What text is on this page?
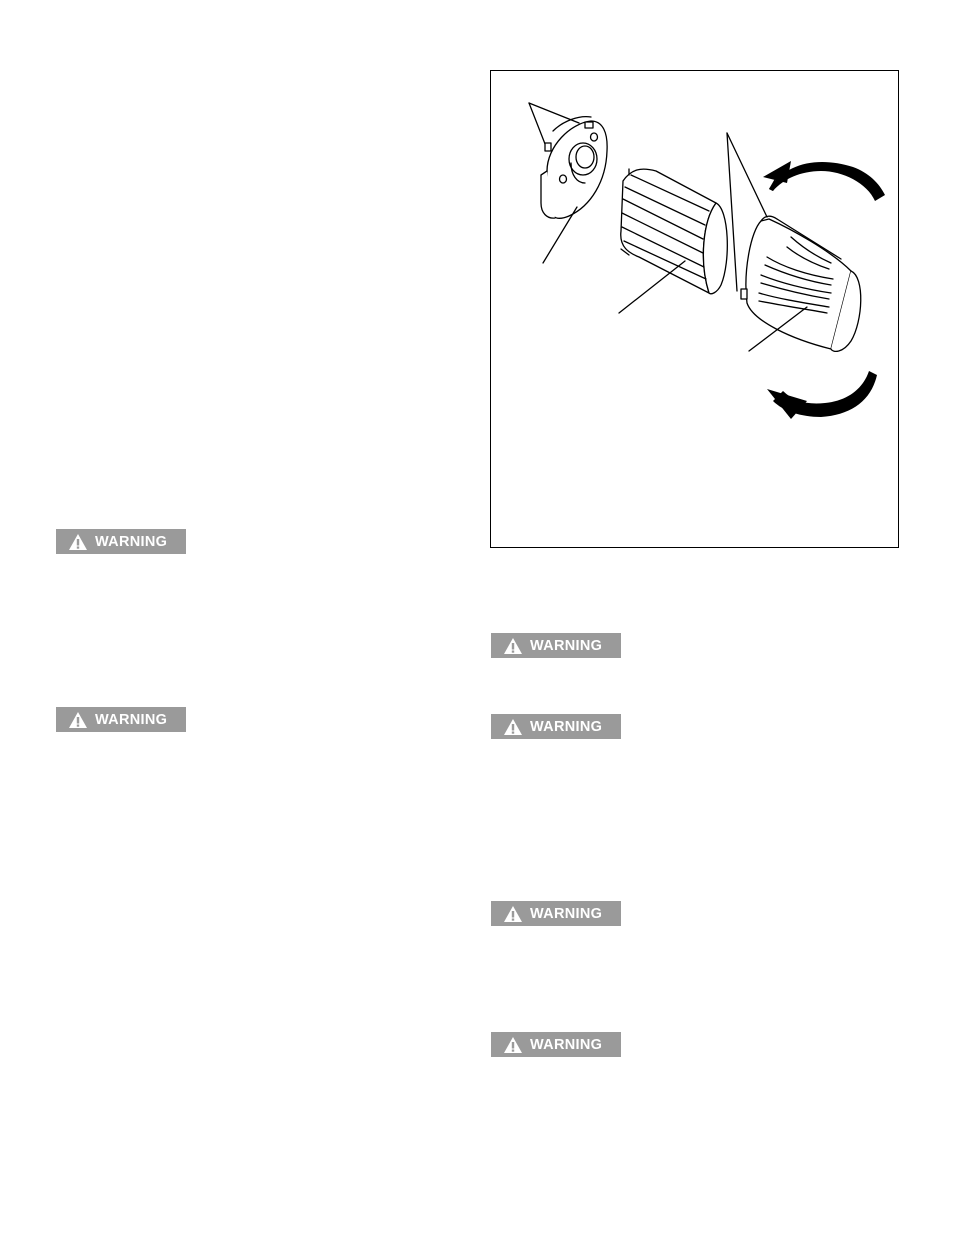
WARNING
WARNING
WARNING
WARNING
WARNING
WARNING
